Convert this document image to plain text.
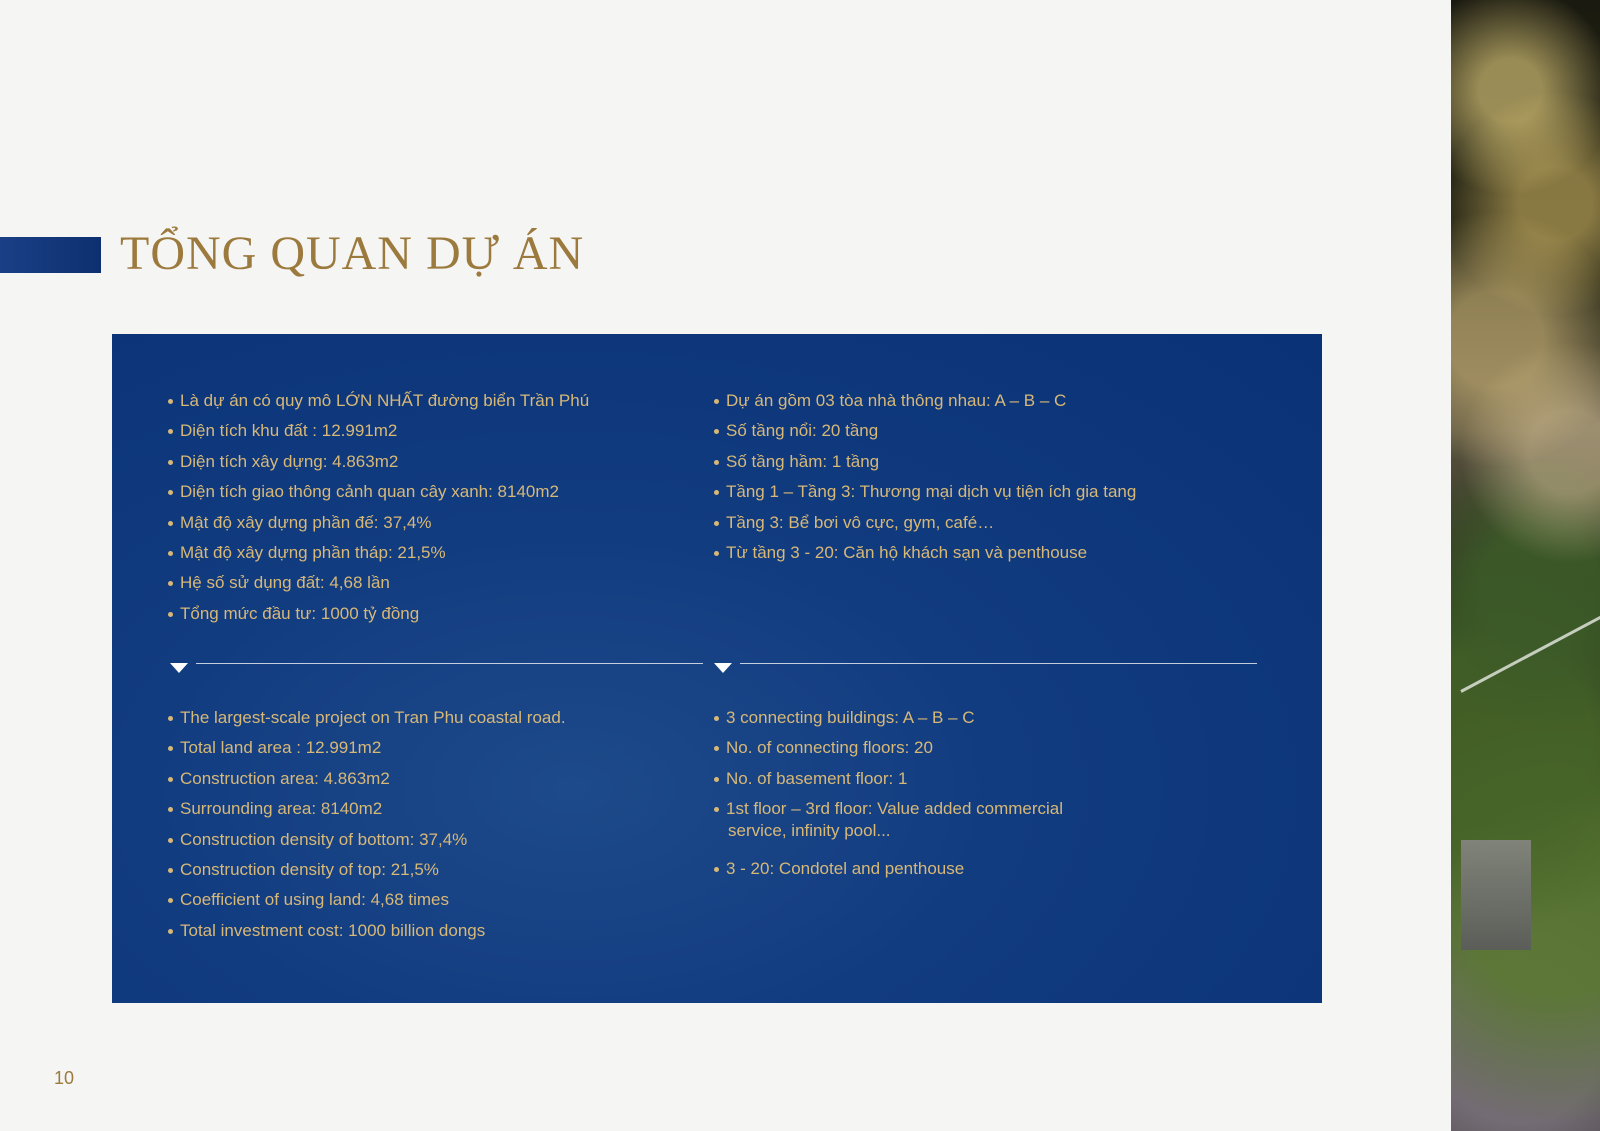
TỔNG QUAN DỰ ÁN
Là dự án có quy mô LỚN NHẤT đường biển Trần Phú
Diện tích khu đất : 12.991m2
Diện tích xây dựng: 4.863m2
Diện tích giao thông cảnh quan cây xanh: 8140m2
Mật độ xây dựng phần đế: 37,4%
Mật độ xây dựng phần tháp: 21,5%
Hệ số sử dụng đất: 4,68 lần
Tổng mức đầu tư: 1000 tỷ đồng
Dự án gồm 03 tòa nhà thông nhau: A – B – C
Số tầng nổi: 20 tầng
Số tầng hầm: 1 tầng
Tầng 1 – Tầng 3: Thương mại dịch vụ tiện ích gia tang
Tầng 3: Bể bơi vô cực, gym, café…
Từ tầng 3 - 20: Căn hộ khách sạn và penthouse
The largest-scale project on Tran Phu coastal road.
Total land area : 12.991m2
Construction area: 4.863m2
Surrounding area: 8140m2
Construction density of bottom: 37,4%
Construction density of top: 21,5%
Coefficient of using land: 4,68 times
Total investment cost: 1000 billion dongs
3 connecting buildings: A – B – C
No. of connecting floors: 20
No. of basement floor: 1
1st floor – 3rd floor: Value added commercial
service, infinity pool...
3 - 20: Condotel and penthouse
10
